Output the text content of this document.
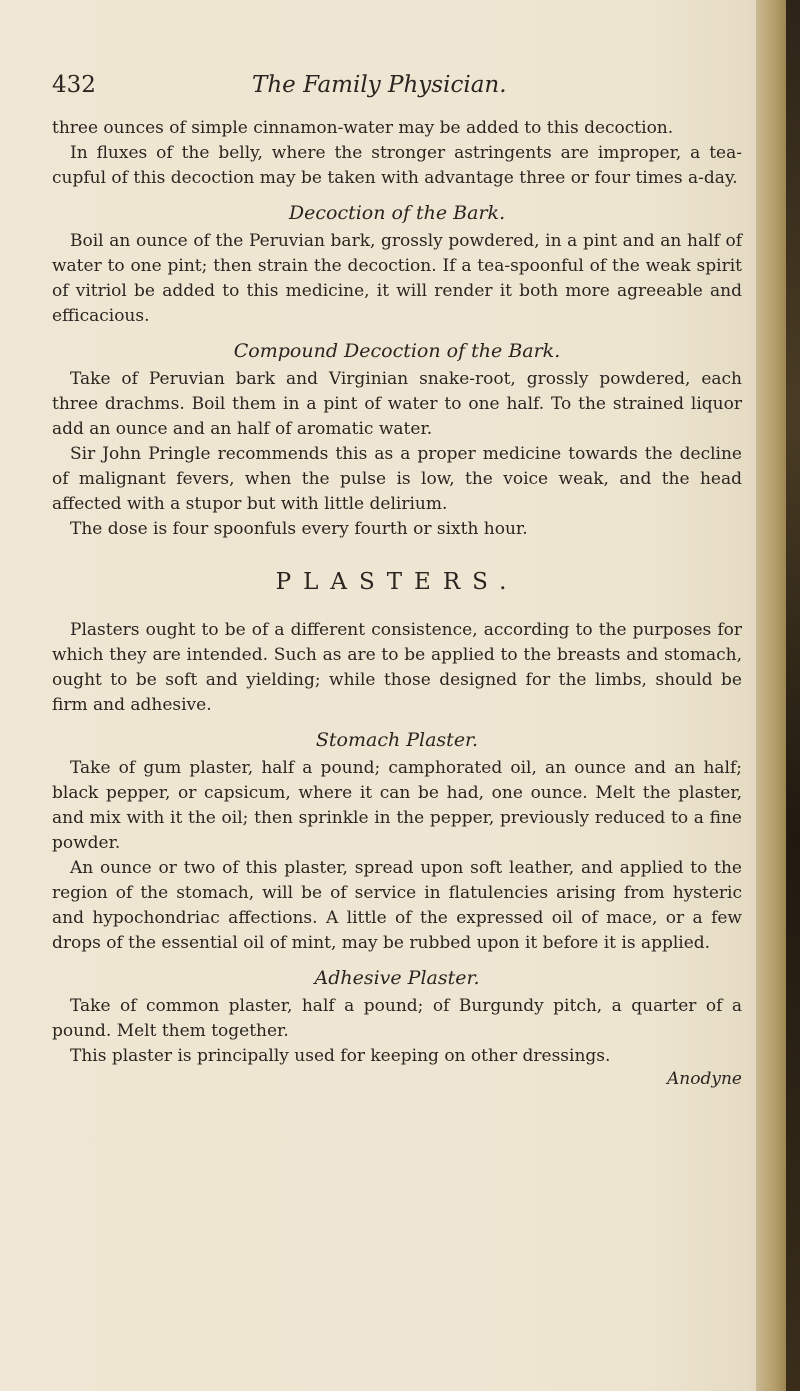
432	The Family Physician.

three ounces of simple cinnamon-water may be added to this decoction.

In fluxes of the belly, where the stronger astringents are improper, a tea-cupful of this decoction may be taken with advantage three or four times a-day.

Decoction of the Bark.

Boil an ounce of the Peruvian bark, grossly powdered, in a pint and an half of water to one pint; then strain the decoction. If a tea-spoonful of the weak spirit of vitriol be added to this medicine, it will render it both more agreeable and efficacious.

Compound Decoction of the Bark.

Take of Peruvian bark and Virginian snake-root, grossly powdered, each three drachms. Boil them in a pint of water to one half. To the strained liquor add an ounce and an half of aromatic water.

Sir John Pringle recommends this as a proper medicine towards the decline of malignant fevers, when the pulse is low, the voice weak, and the head affected with a stupor but with little delirium.

The dose is four spoonfuls every fourth or sixth hour.

PLASTERS.

Plasters ought to be of a different consistence, according to the purposes for which they are intended. Such as are to be applied to the breasts and stomach, ought to be soft and yielding; while those designed for the limbs, should be firm and adhesive.

Stomach Plaster.

Take of gum plaster, half a pound; camphorated oil, an ounce and an half; black pepper, or capsicum, where it can be had, one ounce. Melt the plaster, and mix with it the oil; then sprinkle in the pepper, previously reduced to a fine powder.

An ounce or two of this plaster, spread upon soft leather, and applied to the region of the stomach, will be of service in flatulencies arising from hysteric and hypochondriac affections. A little of the expressed oil of mace, or a few drops of the essential oil of mint, may be rubbed upon it before it is applied.

Adhesive Plaster.

Take of common plaster, half a pound; of Burgundy pitch, a quarter of a pound. Melt them together.

This plaster is principally used for keeping on other dressings.

Anodyne
